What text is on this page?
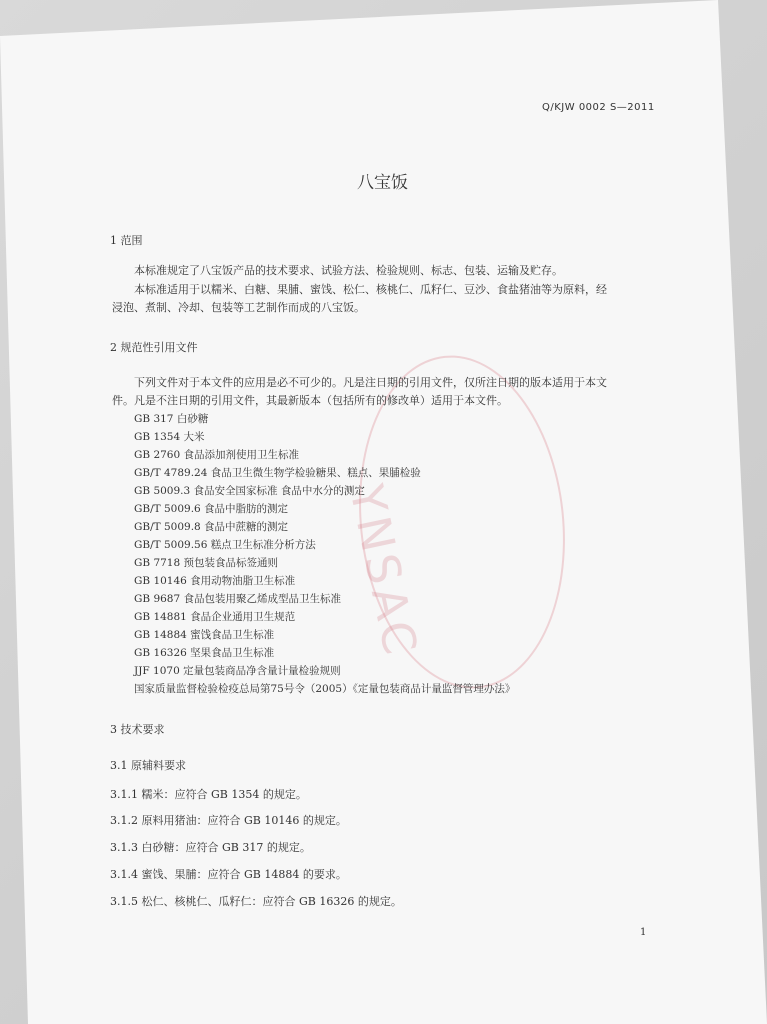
YNSAC
Q/KJW 0002 S—2011
八宝饭
1 范围
本标准规定了八宝饭产品的技术要求、试验方法、检验规则、标志、包装、运输及贮存。
本标准适用于以糯米、白糖、果脯、蜜饯、松仁、核桃仁、瓜籽仁、豆沙、食盐猪油等为原料，经
浸泡、煮制、冷却、包装等工艺制作而成的八宝饭。
2 规范性引用文件
下列文件对于本文件的应用是必不可少的。凡是注日期的引用文件，仅所注日期的版本适用于本文
件。凡是不注日期的引用文件，其最新版本（包括所有的修改单）适用于本文件。
GB 317 白砂糖
GB 1354 大米
GB 2760 食品添加剂使用卫生标准
GB/T 4789.24 食品卫生微生物学检验糖果、糕点、果脯检验
GB 5009.3 食品安全国家标准 食品中水分的测定
GB/T 5009.6 食品中脂肪的测定
GB/T 5009.8 食品中蔗糖的测定
GB/T 5009.56 糕点卫生标准分析方法
GB 7718 预包装食品标签通则
GB 10146 食用动物油脂卫生标准
GB 9687 食品包装用聚乙烯成型品卫生标准
GB 14881 食品企业通用卫生规范
GB 14884 蜜饯食品卫生标准
GB 16326 坚果食品卫生标准
JJF 1070 定量包装商品净含量计量检验规则
国家质量监督检验检疫总局第75号令（2005）《定量包装商品计量监督管理办法》
3 技术要求
3.1 原辅料要求
3.1.1 糯米：应符合 GB 1354 的规定。
3.1.2 原料用猪油：应符合 GB 10146 的规定。
3.1.3 白砂糖：应符合 GB 317 的规定。
3.1.4 蜜饯、果脯：应符合 GB 14884 的要求。
3.1.5 松仁、核桃仁、瓜籽仁：应符合 GB 16326 的规定。
1
